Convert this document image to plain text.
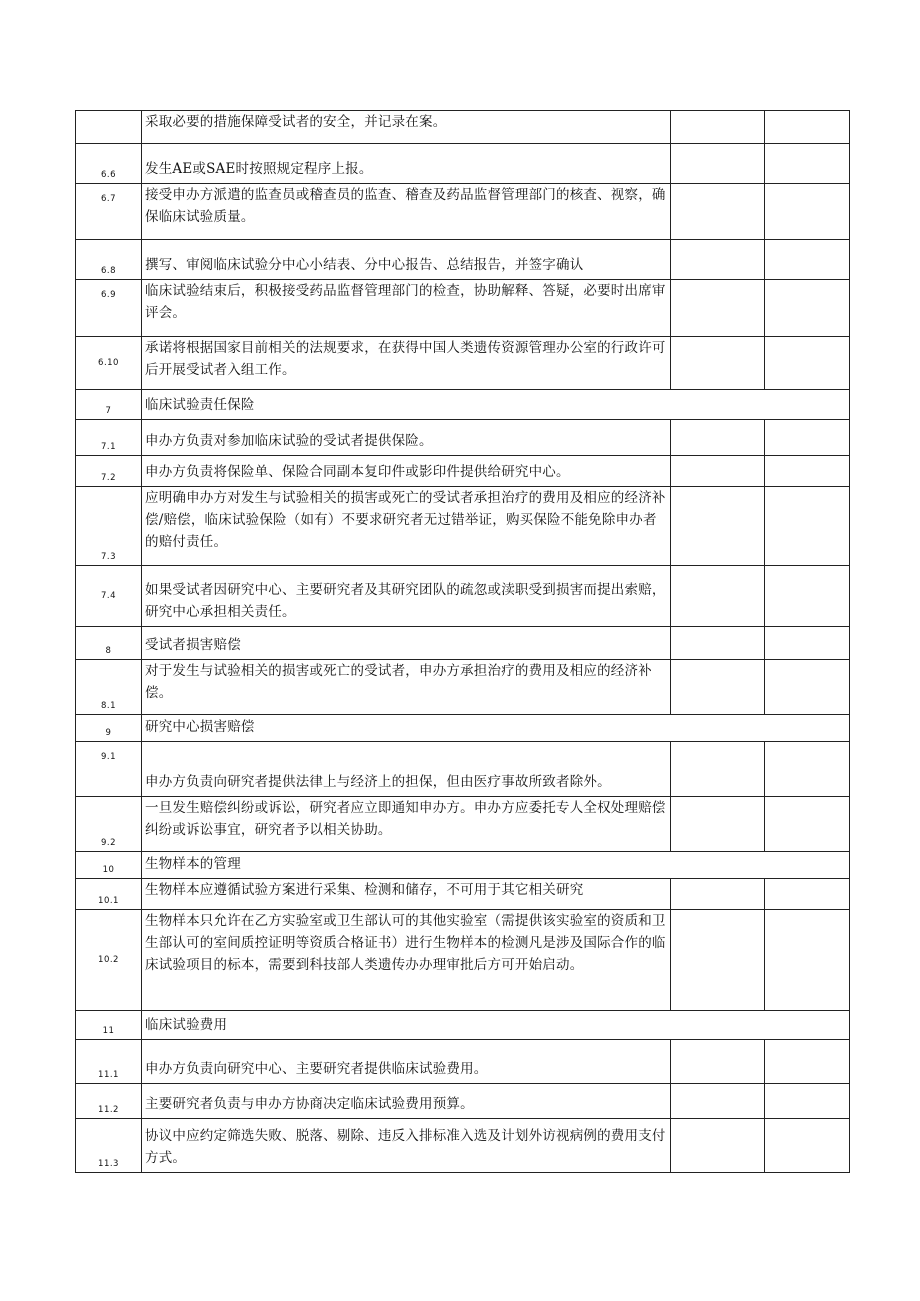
	采取必要的措施保障受试者的安全，并记录在案。		
6.6	发生AE或SAE时按照规定程序上报。		
6.7	接受申办方派遣的监查员或稽查员的监查、稽查及药品监督管理部门的核査、视察，确保临床试验质量。		
6.8	撰写、审阅临床试验分中心小结表、分中心报告、总结报告，并签字确认		
6.9	临床试验结束后，积极接受药品监督管理部门的检查，协助解释、答疑，必要时出席审评会。		
6.10	承诺将根据国家目前相关的法规要求，在获得中国人类遗传资源管理办公室的行政许可后开展受试者入组工作。		
7	临床试验责任保险		
7.1	申办方负责对参加临床试验的受试者提供保险。		
7.2	申办方负责将保险单、保险合同副本复印件或影印件提供给研究中心。		
7.3	应明确申办方对发生与试验相关的损害或死亡的受试者承担治疗的费用及相应的经济补偿/赔偿，临床试验保险（如有）不要求研究者无过错举证，购买保险不能免除申办者的赔付责任。		
7.4	如果受试者因研究中心、主要研究者及其研究团队的疏忽或渎职受到损害而提出索赔，研究中心承担相关责任。		
8	受试者损害赔偿		
8.1	对于发生与试验相关的损害或死亡的受试者，申办方承担治疗的费用及相应的经济补偿。		
9	研究中心损害赔偿		
9.1	申办方负责向研究者提供法律上与经济上的担保，但由医疗事故所致者除外。		
9.2	一旦发生赔偿纠纷或诉讼，研究者应立即通知申办方。申办方应委托专人全权处理赔偿纠纷或诉讼事宜，研究者予以相关协助。		
10	生物样本的管理		
10.1	生物样本应遵循试验方案进行采集、检测和储存，不可用于其它相关研究		
10.2	生物样本只允许在乙方实验室或卫生部认可的其他实验室（需提供该实验室的资质和卫生部认可的室间质控证明等资质合格证书）进行生物样本的检测凡是涉及国际合作的临床试验项目的标本，需要到科技部人类遗传办办理审批后方可开始启动。		
11	临床试验费用		
11.1	申办方负责向研究中心、主要研究者提供临床试验费用。		
11.2	主要研究者负责与申办方协商决定临床试验费用预算。		
11.3	协议中应约定筛选失败、脱落、剔除、违反入排标准入选及计划外访视病例的费用支付方式。		
